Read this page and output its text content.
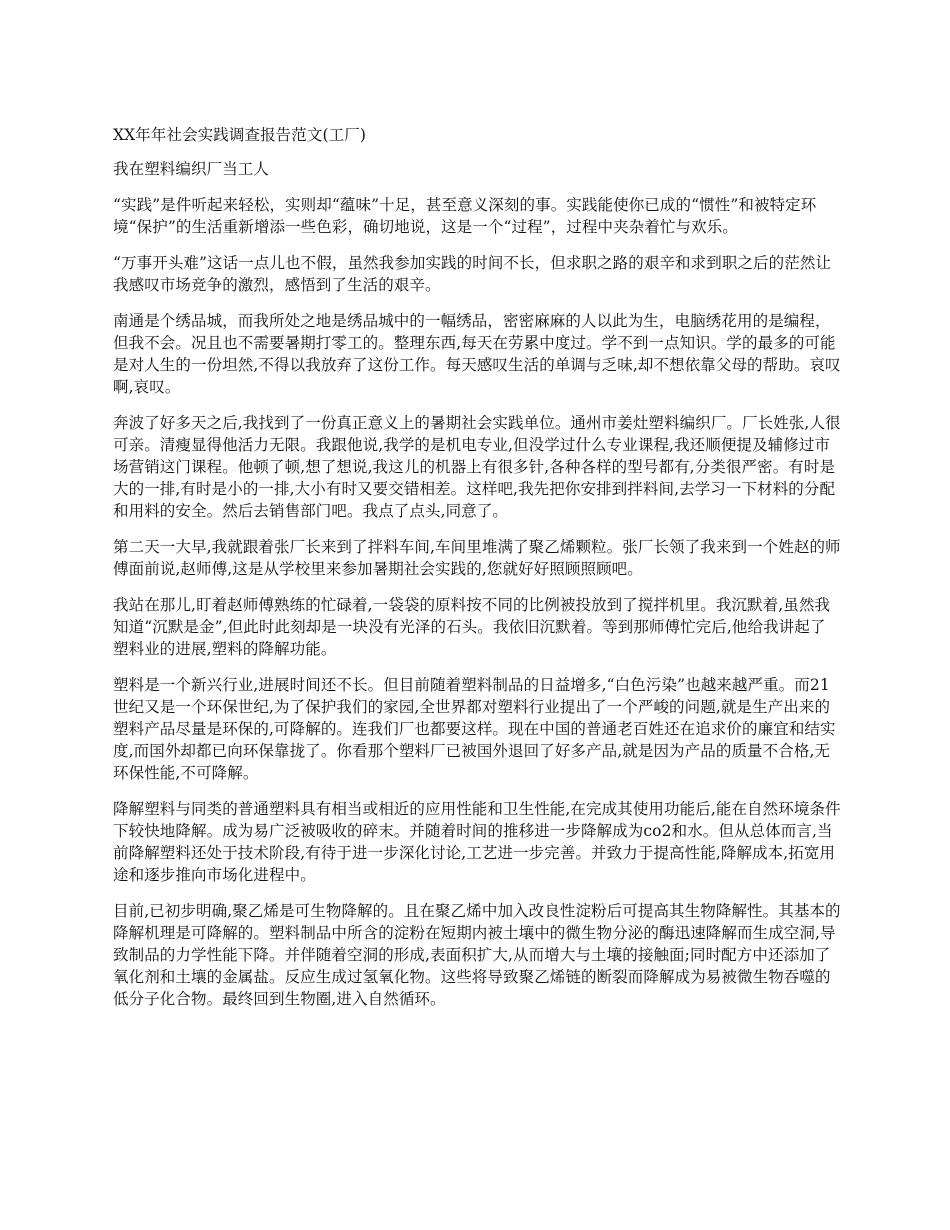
XX年年社会实践调查报告范文(工厂)

我在塑料编织厂当工人

“实践”是件听起来轻松，实则却“蕴味”十足，甚至意义深刻的事。实践能使你已成的“惯性”和被特定环境“保护”的生活重新增添一些色彩，确切地说，这是一个“过程”，过程中夹杂着忙与欢乐。

“万事开头难”这话一点儿也不假，虽然我参加实践的时间不长，但求职之路的艰辛和求到职之后的茫然让我感叹市场竞争的激烈，感悟到了生活的艰辛。

南通是个绣品城，而我所处之地是绣品城中的一幅绣品，密密麻麻的人以此为生，电脑绣花用的是编程，但我不会。况且也不需要暑期打零工的。整理东西,每天在劳累中度过。学不到一点知识。学的最多的可能是对人生的一份坦然,不得以我放弃了这份工作。每天感叹生活的单调与乏味,却不想依靠父母的帮助。哀叹啊,哀叹。

奔波了好多天之后,我找到了一份真正意义上的暑期社会实践单位。通州市姜灶塑料编织厂。厂长姓张,人很可亲。清瘦显得他活力无限。我跟他说,我学的是机电专业,但没学过什么专业课程,我还顺便提及辅修过市场营销这门课程。他顿了顿,想了想说,我这儿的机器上有很多针,各种各样的型号都有,分类很严密。有时是大的一排,有时是小的一排,大小有时又要交错相差。这样吧,我先把你安排到拌料间,去学习一下材料的分配和用料的安全。然后去销售部门吧。我点了点头,同意了。

第二天一大早,我就跟着张厂长来到了拌料车间,车间里堆满了聚乙烯颗粒。张厂长领了我来到一个姓赵的师傅面前说,赵师傅,这是从学校里来参加暑期社会实践的,您就好好照顾照顾吧。

我站在那儿,盯着赵师傅熟练的忙碌着,一袋袋的原料按不同的比例被投放到了搅拌机里。我沉默着,虽然我知道“沉默是金”,但此时此刻却是一块没有光泽的石头。我依旧沉默着。等到那师傅忙完后,他给我讲起了塑料业的进展,塑料的降解功能。

塑料是一个新兴行业,进展时间还不长。但目前随着塑料制品的日益增多,“白色污染”也越来越严重。而21世纪又是一个环保世纪,为了保护我们的家园,全世界都对塑料行业提出了一个严峻的问题,就是生产出来的塑料产品尽量是环保的,可降解的。连我们厂也都要这样。现在中国的普通老百姓还在追求价的廉宜和结实度,而国外却都已向环保靠拢了。你看那个塑料厂已被国外退回了好多产品,就是因为产品的质量不合格,无环保性能,不可降解。

降解塑料与同类的普通塑料具有相当或相近的应用性能和卫生性能,在完成其使用功能后,能在自然环境条件下较快地降解。成为易广泛被吸收的碎末。并随着时间的推移进一步降解成为co2和水。但从总体而言,当前降解塑料还处于技术阶段,有待于进一步深化讨论,工艺进一步完善。并致力于提高性能,降解成本,拓宽用途和逐步推向市场化进程中。

目前,已初步明确,聚乙烯是可生物降解的。且在聚乙烯中加入改良性淀粉后可提高其生物降解性。其基本的降解机理是可降解的。塑料制品中所含的淀粉在短期内被土壤中的微生物分泌的酶迅速降解而生成空洞,导致制品的力学性能下降。并伴随着空洞的形成,表面积扩大,从而增大与土壤的接触面;同时配方中还添加了氧化剂和土壤的金属盐。反应生成过氢氧化物。这些将导致聚乙烯链的断裂而降解成为易被微生物吞噬的低分子化合物。最终回到生物圈,进入自然循环。
